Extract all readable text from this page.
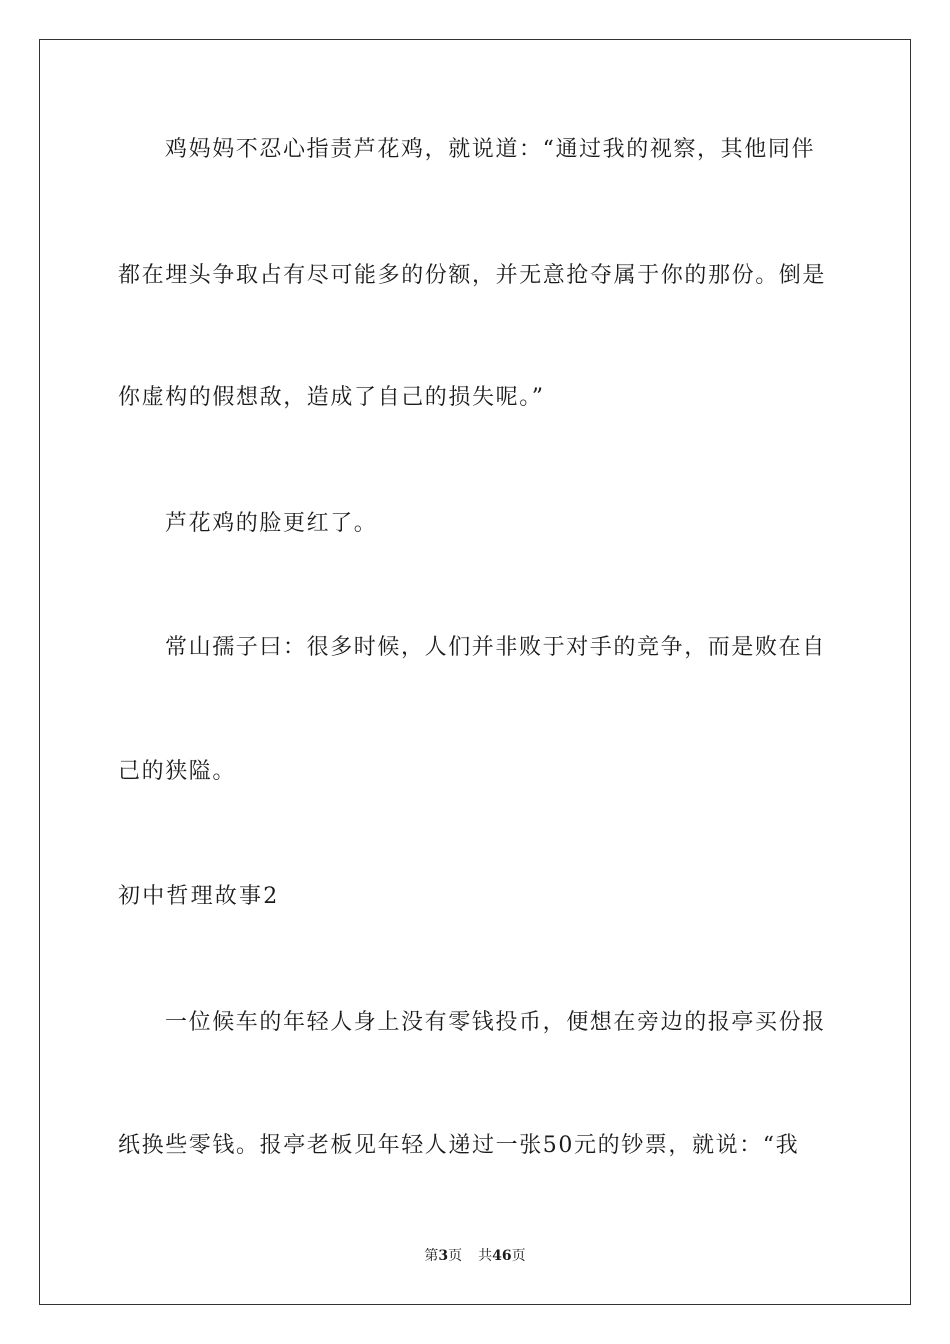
鸡妈妈不忍心指责芦花鸡，就说道：“通过我的视察，其他同伴
都在埋头争取占有尽可能多的份额，并无意抢夺属于你的那份。倒是
你虚构的假想敌，造成了自己的损失呢。”
芦花鸡的脸更红了。
常山孺子曰：很多时候，人们并非败于对手的竞争，而是败在自
己的狭隘。
初中哲理故事2
一位候车的年轻人身上没有零钱投币，便想在旁边的报亭买份报
纸换些零钱。报亭老板见年轻人递过一张50元的钞票，就说：“我
第3页 共46页
